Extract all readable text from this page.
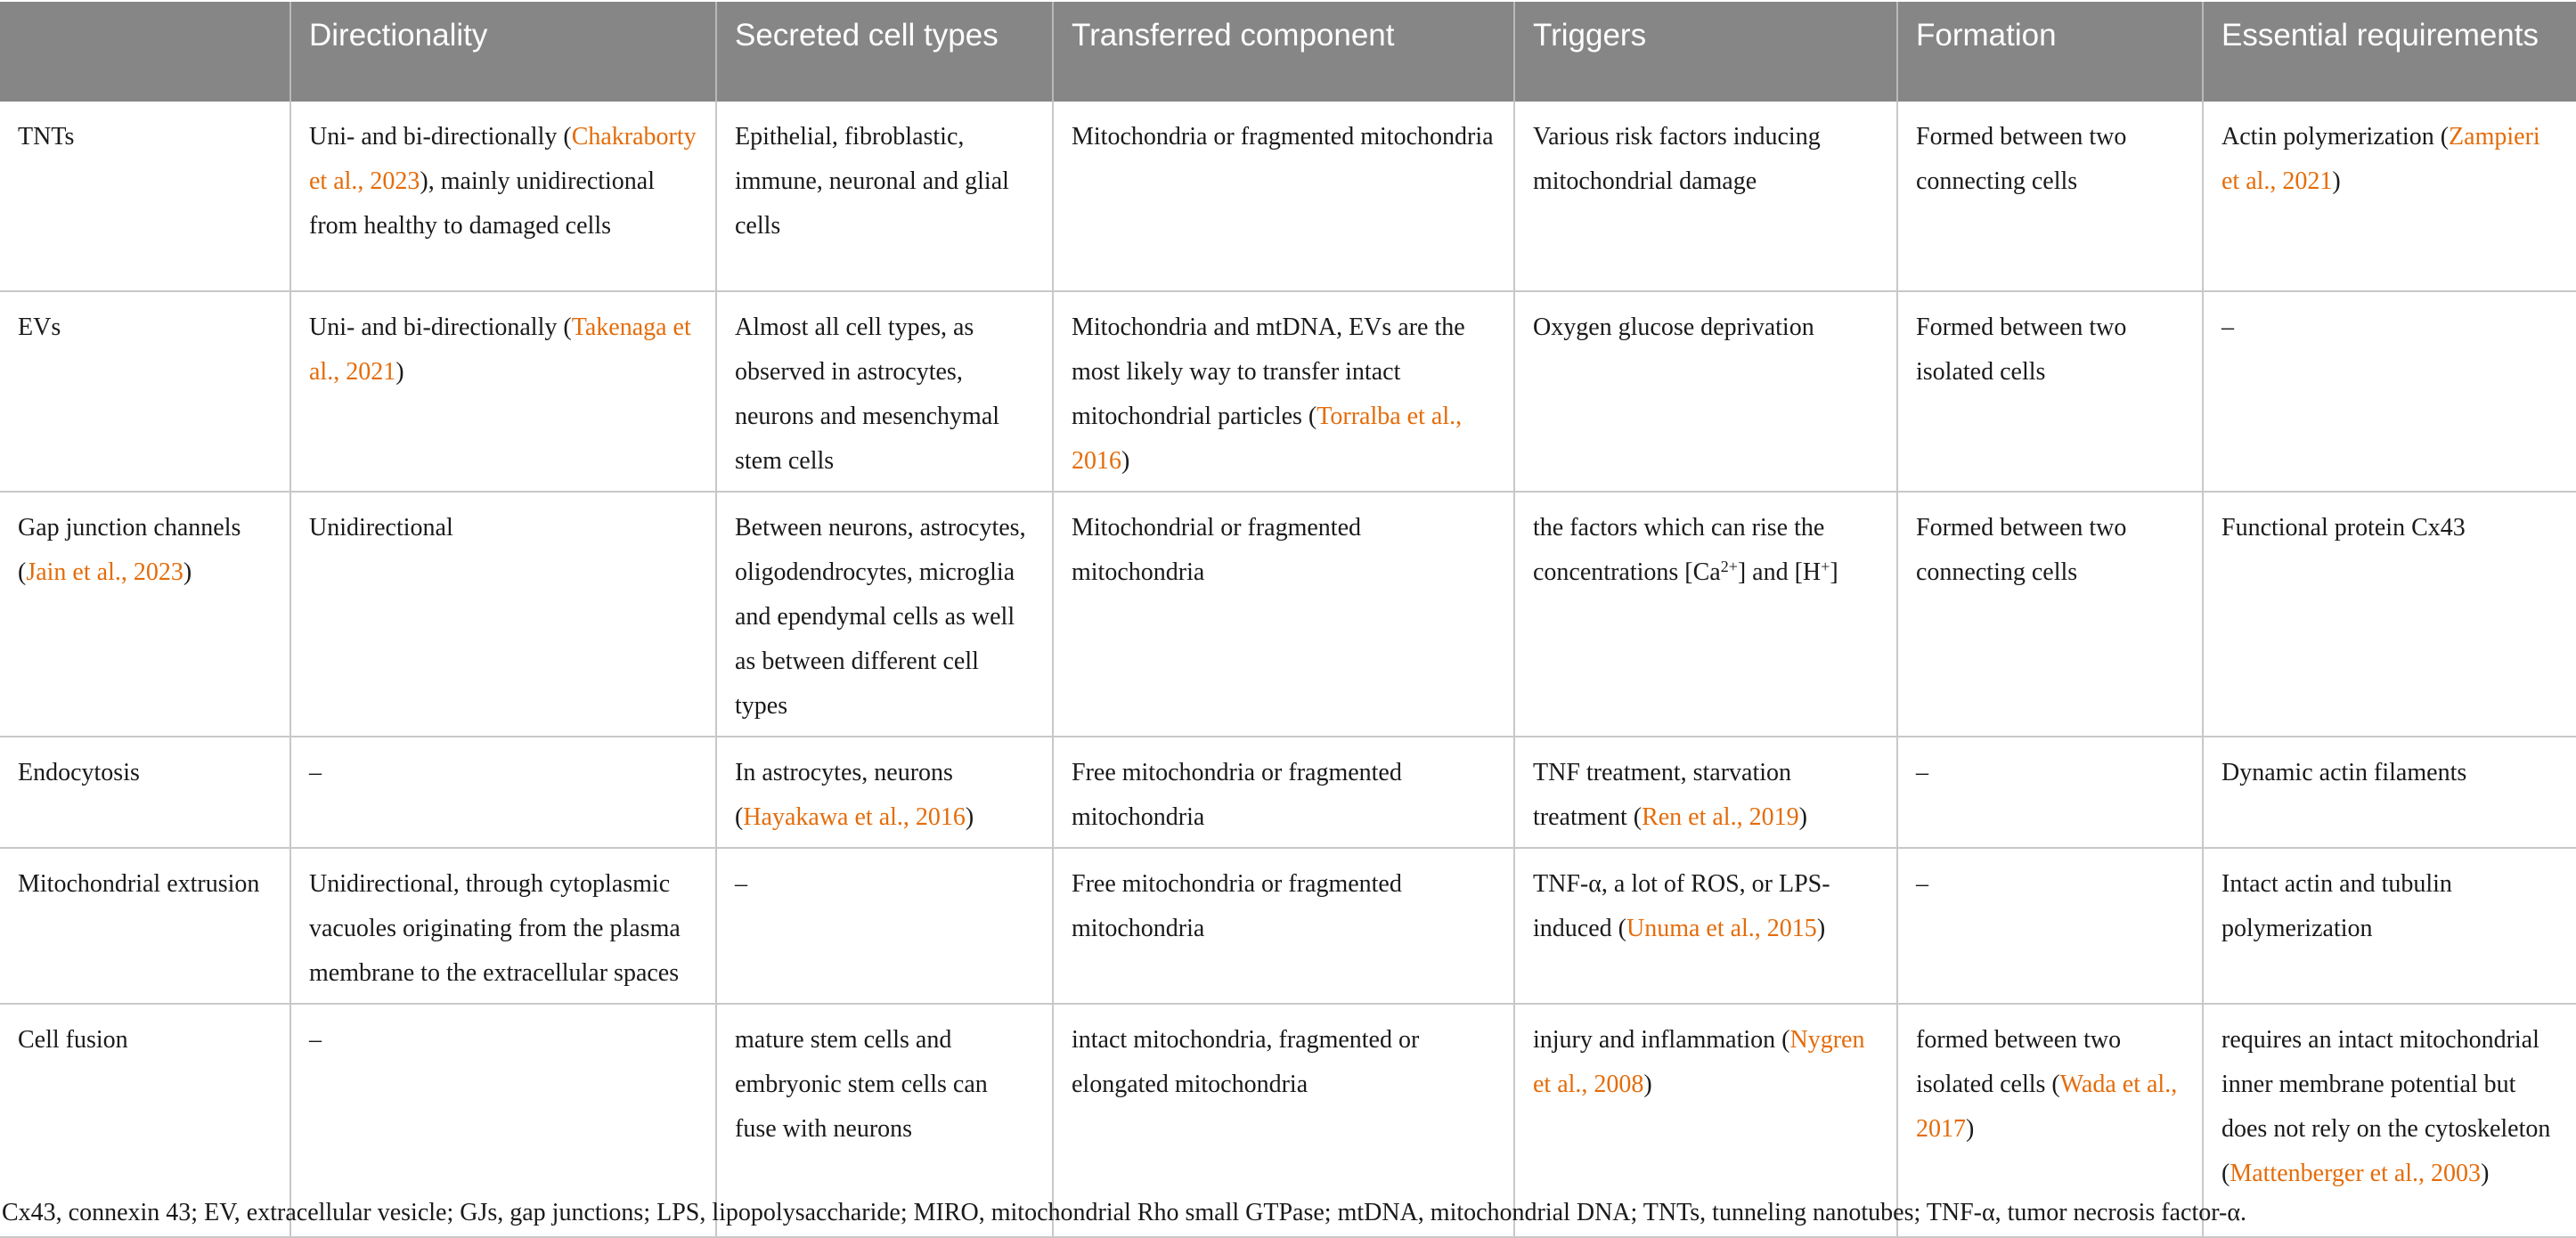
	Directionality	Secreted cell types	Transferred component	Triggers	Formation	Essential requirements
TNTs	Uni- and bi-directionally (Chakraborty et al., 2023), mainly unidirectional from healthy to damaged cells	Epithelial, fibroblastic, immune, neuronal and glial cells	Mitochondria or fragmented mitochondria	Various risk factors inducing mitochondrial damage	Formed between two connecting cells	Actin polymerization (Zampieri et al., 2021)
EVs	Uni- and bi-directionally (Takenaga et al., 2021)	Almost all cell types, as observed in astrocytes, neurons and mesenchymal stem cells	Mitochondria and mtDNA, EVs are the most likely way to transfer intact mitochondrial particles (Torralba et al., 2016)	Oxygen glucose deprivation	Formed between two isolated cells	–
Gap junction channels (Jain et al., 2023)	Unidirectional	Between neurons, astrocytes, oligodendrocytes, microglia and ependymal cells as well as between different cell types	Mitochondrial or fragmented mitochondria	the factors which can rise the concentrations $[Ca^{2+}]$ and [H+]	Formed between two connecting cells	Functional protein Cx43
Endocytosis	–	In astrocytes, neurons (Hayakawa et al., 2016)	Free mitochondria or fragmented mitochondria	TNF treatment, starvation treatment (Ren et al., 2019)	–	Dynamic actin filaments
Mitochondrial extrusion	Unidirectional, through cytoplasmic vacuoles originating from the plasma membrane to the extracellular spaces	–	Free mitochondria or fragmented mitochondria	TNF-α, a lot of ROS, or LPS-induced (Unuma et al., 2015)	–	Intact actin and tubulin polymerization
Cell fusion	–	mature stem cells and embryonic stem cells can fuse with neurons	intact mitochondria, fragmented or elongated mitochondria	injury and inflammation (Nygren et al., 2008)	formed between two isolated cells (Wada et al., 2017)	requires an intact mitochondrial inner membrane potential but does not rely on the cytoskeleton (Mattenberger et al., 2003)
Cx43, connexin 43; EV, extracellular vesicle; GJs, gap junctions; LPS, lipopolysaccharide; MIRO, mitochondrial Rho small GTPase; mtDNA, mitochondrial DNA; TNTs, tunneling nanotubes; TNF-α, tumor necrosis factor-α.
